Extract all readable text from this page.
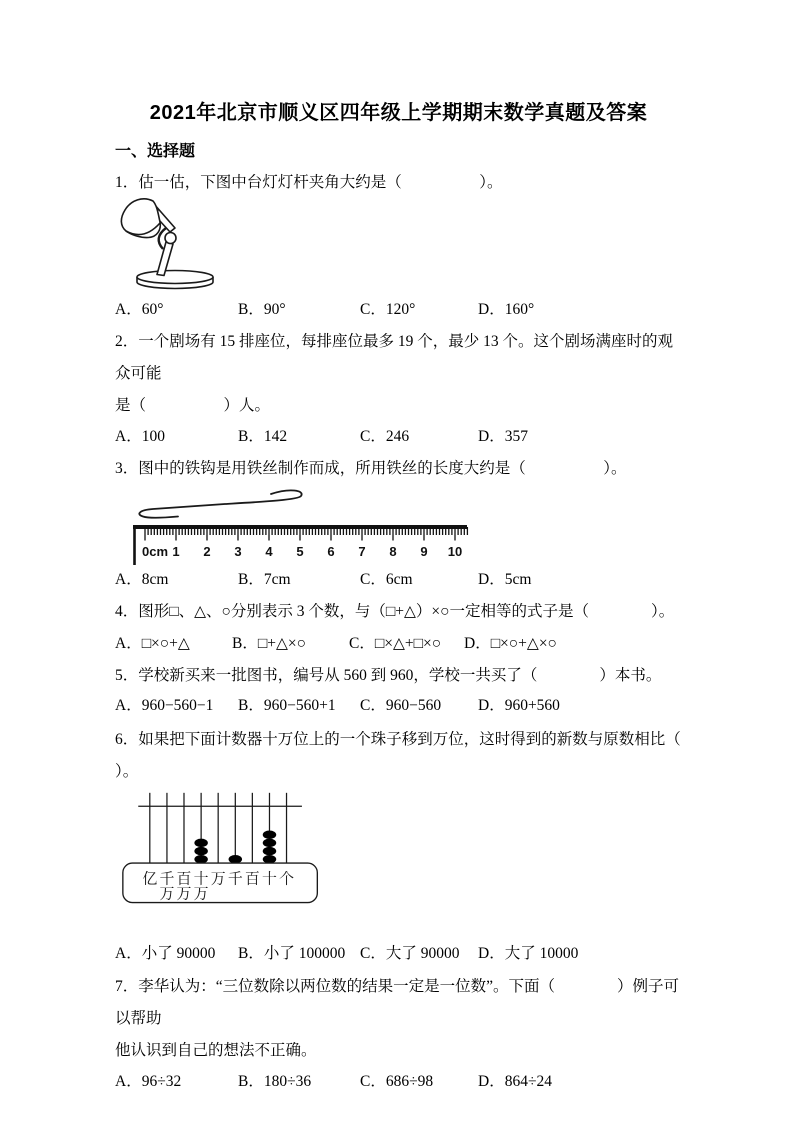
2021年北京市顺义区四年级上学期期末数学真题及答案
一、选择题

1．估一估，下图中台灯灯杆夹角大约是（　　　　　）。

A．60°	B．90°	C．120°	D．160°

2．一个剧场有 15 排座位，每排座位最多 19 个，最少 13 个。这个剧场满座时的观众可能
是（　　　　　）人。

A．100	B．142	C．246	D．357

3．图中的铁钩是用铁丝制作而成，所用铁丝的长度大约是（　　　　　）。

0cm 1 2 3 4 5 6 7 8 9 10
A．8cm	B．7cm	C．6cm	D．5cm

4．图形□、△、○分别表示 3 个数，与（□+△）×○一定相等的式子是（　　　　）。

A．□×○+△	B．□+△×○	C．□×△+□×○	D．□×○+△×○

5．学校新买来一批图书，编号从 560 到 960，学校一共买了（　　　　）本书。

A．960−560−1	B．960−560+1	C．960−560	D．960+560

6．如果把下面计数器十万位上的一个珠子移到万位，这时得到的新数与原数相比（
）。

亿 千 百 十 万 千 百 十 个
万 万 万
A．小了 90000	B．小了 100000 C．大了 90000	D．大了 10000

7．李华认为：“三位数除以两位数的结果一定是一位数”。下面（　　　　）例子可以帮助
他认识到自己的想法不正确。

A．96÷32	B．180÷36	C．686÷98	D．864÷24
